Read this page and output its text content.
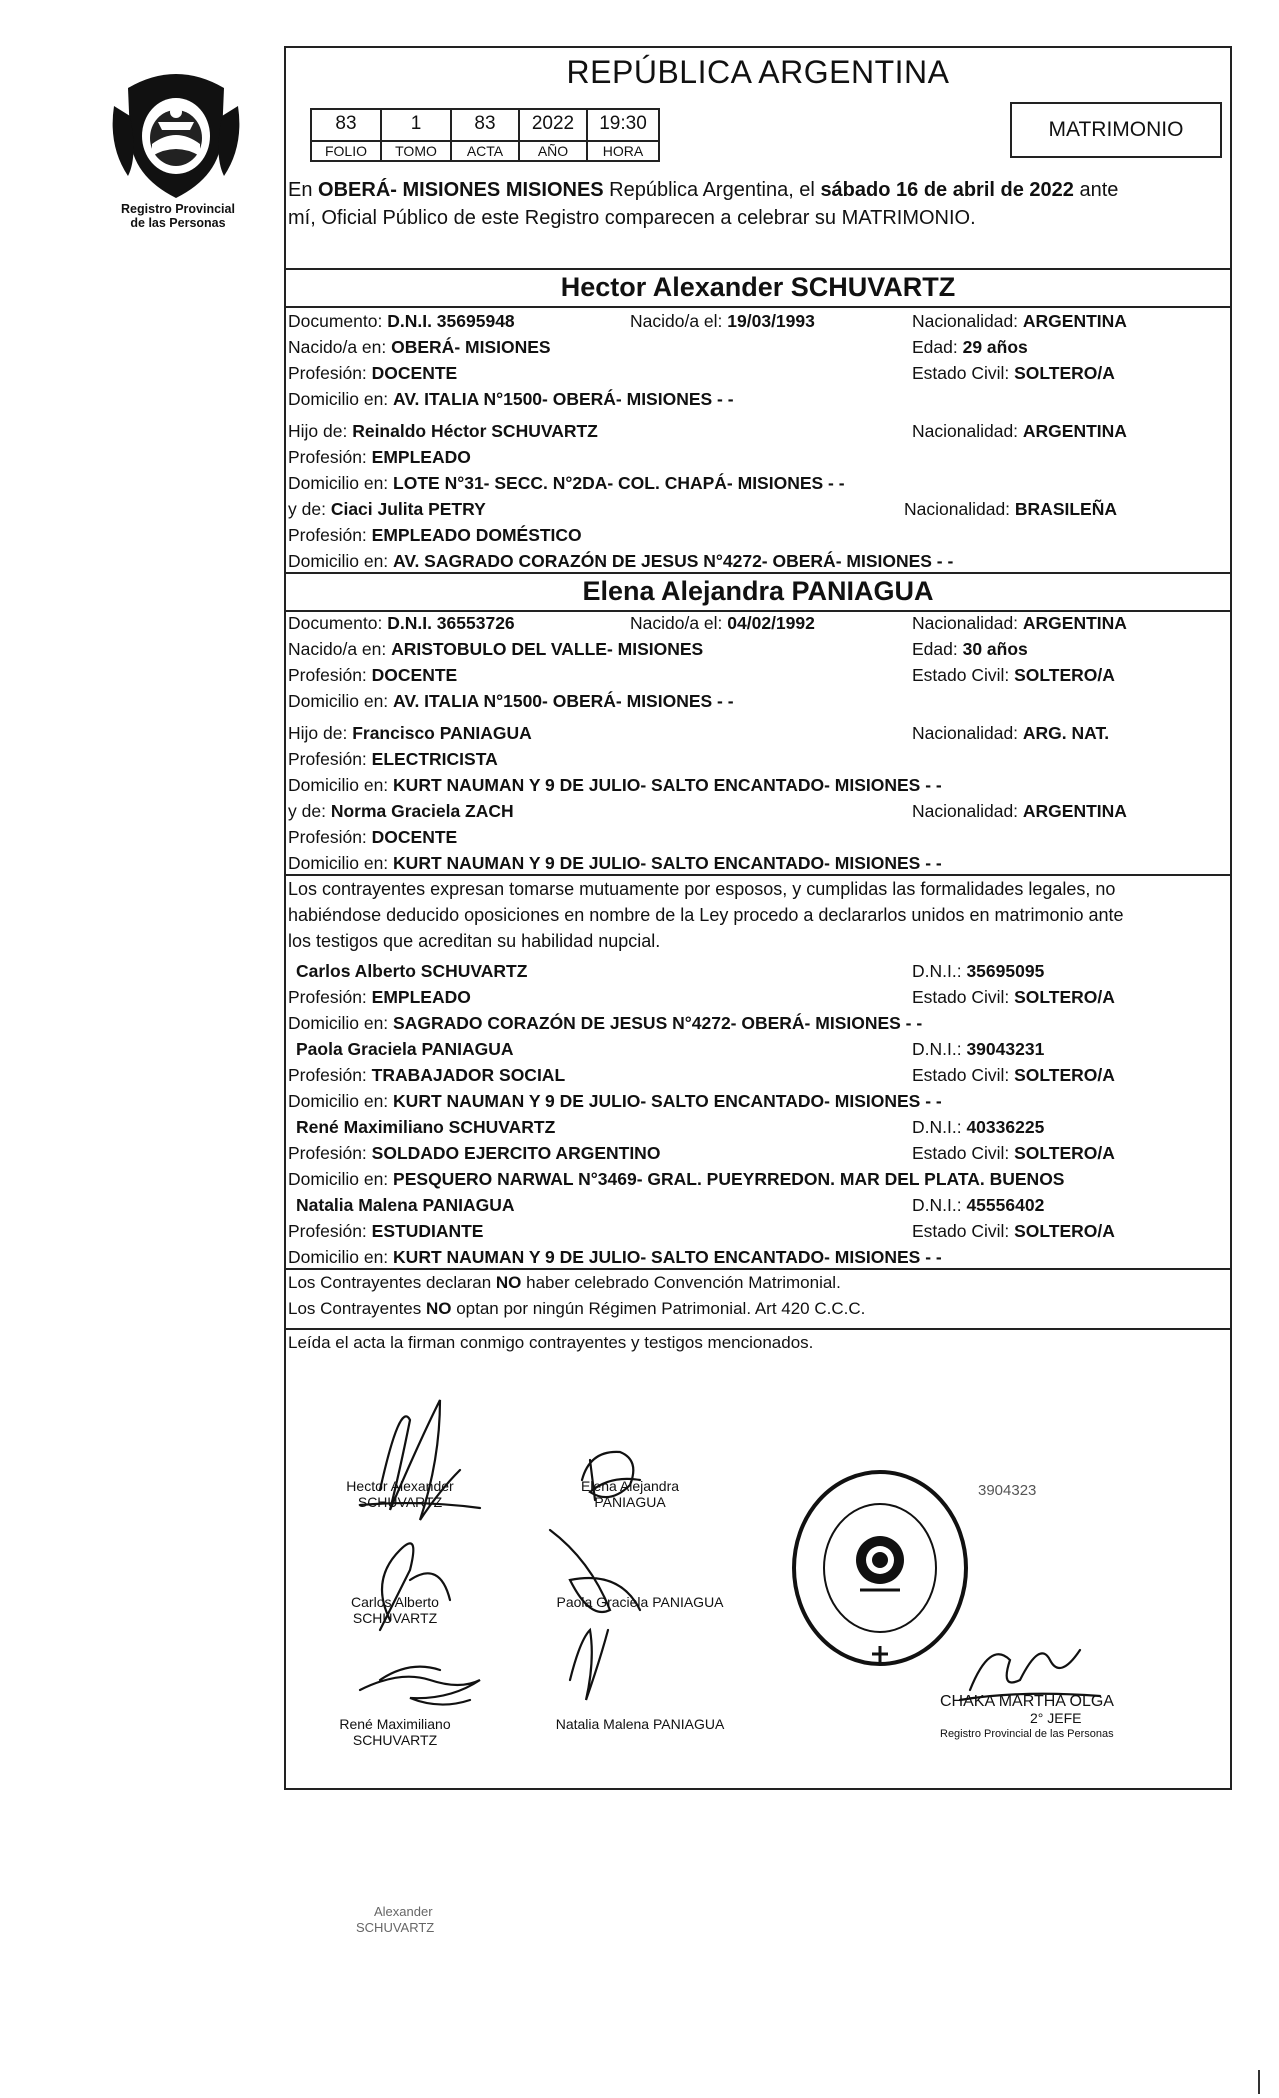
Registro Provincial
de las Personas
REPÚBLICA ARGENTINA
83	1	83	2022	19:30
FOLIO	TOMO	ACTA	AÑO	HORA
MATRIMONIO
En OBERÁ- MISIONES MISIONES República Argentina, el sábado 16 de abril de 2022 ante
mí, Oficial Público de este Registro comparecen a celebrar su MATRIMONIO.
Hector Alexander SCHUVARTZ
Documento: D.N.I. 35695948	Nacido/a el: 19/03/1993	Nacionalidad: ARGENTINA
Nacido/a en: OBERÁ- MISIONES	Edad: 29 años
Profesión: DOCENTE	Estado Civil: SOLTERO/A
Domicilio en: AV. ITALIA N°1500- OBERÁ- MISIONES - -
Hijo de: Reinaldo Héctor SCHUVARTZ	Nacionalidad: ARGENTINA
Profesión: EMPLEADO
Domicilio en: LOTE N°31- SECC. N°2DA- COL. CHAPÁ- MISIONES - -
y de: Ciaci Julita PETRY	Nacionalidad: BRASILEÑA
Profesión: EMPLEADO DOMÉSTICO
Domicilio en: AV. SAGRADO CORAZÓN DE JESUS N°4272- OBERÁ- MISIONES - -
Elena Alejandra PANIAGUA
Documento: D.N.I. 36553726	Nacido/a el: 04/02/1992	Nacionalidad: ARGENTINA
Nacido/a en: ARISTOBULO DEL VALLE- MISIONES	Edad: 30 años
Profesión: DOCENTE	Estado Civil: SOLTERO/A
Domicilio en: AV. ITALIA N°1500- OBERÁ- MISIONES - -
Hijo de: Francisco PANIAGUA	Nacionalidad: ARG. NAT.
Profesión: ELECTRICISTA
Domicilio en: KURT NAUMAN Y 9 DE JULIO- SALTO ENCANTADO- MISIONES - -
y de: Norma Graciela ZACH	Nacionalidad: ARGENTINA
Profesión: DOCENTE
Domicilio en: KURT NAUMAN Y 9 DE JULIO- SALTO ENCANTADO- MISIONES - -
Los contrayentes expresan tomarse mutuamente por esposos, y cumplidas las formalidades legales, no
habiéndose deducido oposiciones en nombre de la Ley procedo a declararlos unidos en matrimonio ante
los testigos que acreditan su habilidad nupcial.
Carlos Alberto SCHUVARTZ	D.N.I.: 35695095
Profesión: EMPLEADO	Estado Civil: SOLTERO/A
Domicilio en: SAGRADO CORAZÓN DE JESUS N°4272- OBERÁ- MISIONES - -
Paola Graciela PANIAGUA	D.N.I.: 39043231
Profesión: TRABAJADOR SOCIAL	Estado Civil: SOLTERO/A
Domicilio en: KURT NAUMAN Y 9 DE JULIO- SALTO ENCANTADO- MISIONES - -
René Maximiliano SCHUVARTZ	D.N.I.: 40336225
Profesión: SOLDADO EJERCITO ARGENTINO	Estado Civil: SOLTERO/A
Domicilio en: PESQUERO NARWAL N°3469- GRAL. PUEYRREDON. MAR DEL PLATA. BUENOS
Natalia Malena PANIAGUA	D.N.I.: 45556402
Profesión: ESTUDIANTE	Estado Civil: SOLTERO/A
Domicilio en: KURT NAUMAN Y 9 DE JULIO- SALTO ENCANTADO- MISIONES - -
Los Contrayentes declaran NO haber celebrado Convención Matrimonial.
Los Contrayentes NO optan por ningún Régimen Patrimonial. Art 420 C.C.C.
Leída el acta la firman conmigo contrayentes y testigos mencionados.
Hector Alexander
SCHUVARTZ
Elena Alejandra
PANIAGUA
Carlos Alberto
SCHUVARTZ
Paola Graciela PANIAGUA
René Maximiliano
SCHUVARTZ
Natalia Malena PANIAGUA
CHAKA MARTHA OLGA
2° JEFE
Registro Provincial de las Personas
3904323
Alexander
SCHUVARTZ
